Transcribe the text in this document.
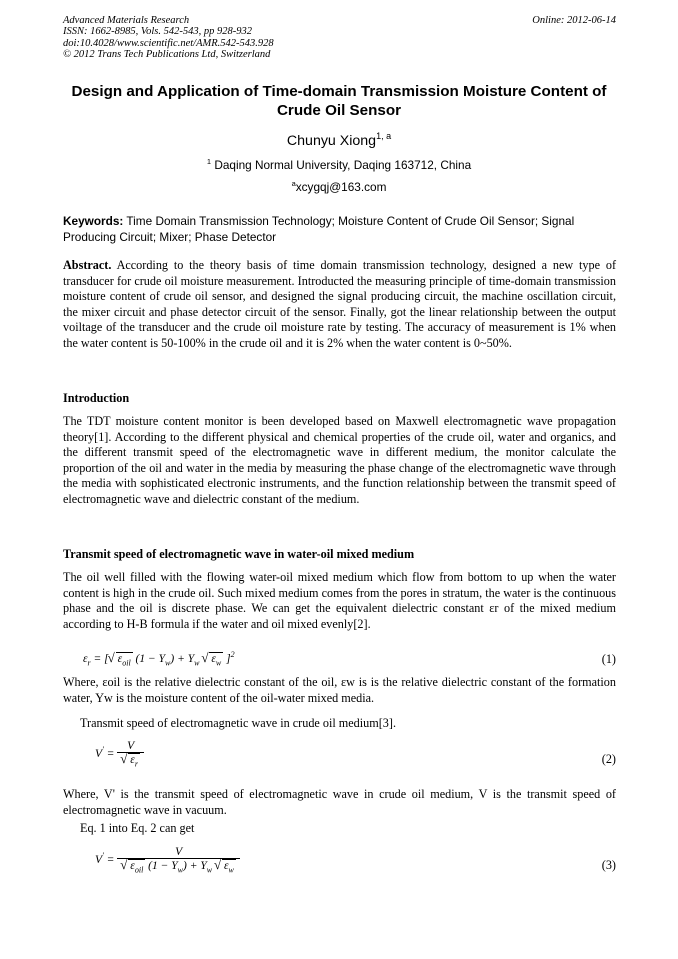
Advanced Materials Research
ISSN: 1662-8985, Vols. 542-543, pp 928-932
doi:10.4028/www.scientific.net/AMR.542-543.928
© 2012 Trans Tech Publications Ltd, Switzerland
Online: 2012-06-14
Design and Application of Time-domain Transmission Moisture Content of Crude Oil Sensor
Chunyu Xiong$^{1, a}$
$^1$ Daqing Normal University, Daqing 163712, China
$^a$xcygqj@163.com
Keywords: Time Domain Transmission Technology; Moisture Content of Crude Oil Sensor; Signal Producing Circuit; Mixer; Phase Detector
Abstract. According to the theory basis of time domain transmission technology, designed a new type of transducer for crude oil moisture measurement. Introducted the measuring principle of time-domain transmission moisture content of crude oil sensor, and designed the signal producing circuit, the machine oscillation circuit, the mixer circuit and phase detector circuit of the sensor. Finally, got the linear relationship between the output voiltage of the transducer and the crude oil moisture rate by testing. The accuracy of measurement is 1% when the water content is 50-100% in the crude oil and it is 2% when the water content is 0~50%.
Introduction
The TDT moisture content monitor is been developed based on Maxwell electromagnetic wave propagation theory[1]. According to the different physical and chemical properties of the crude oil, water and organics, and the different transmit speed of the electromagnetic wave in different medium, the monitor calculate the proportion of the oil and water in the media by measuring the phase change of the electromagnetic wave through the media with sophisticated electronic instruments, and the function relationship between the transmit speed of electromagnetic wave and dielectric constant of the medium.
Transmit speed of electromagnetic wave in water-oil mixed medium
The oil well filled with the flowing water-oil mixed medium which flow from bottom to up when the water content is high in the crude oil. Such mixed medium comes from the pores in stratum, the water is the continuous phase and the oil is discrete phase. We can get the equivalent dielectric constant εr of the mixed medium according to H-B formula if the water and oil mixed evenly[2].
$\varepsilon_r$ = [ √ $\varepsilon_{oil}$ $(1 - Y_w) + Y_w$ √ $\varepsilon_w$ ]$^2$	(1)
Where, εoil is the relative dielectric constant of the oil, εw is is the relative dielectric constant of the formation water, Yw is the moisture content of the oil-water mixed media.
Transmit speed of electromagnetic wave in crude oil medium[3].
V′ = V
√ $\varepsilon_r$	(2)
Where, V' is the transmit speed of electromagnetic wave in crude oil medium, V is the transmit speed of electromagnetic wave in vacuum.
Eq. 1 into Eq. 2 can get
V′ = V
√ $\varepsilon_{oil}$ $(1 - Y_w) + Y_w$ √ $\varepsilon_w$	(3)
